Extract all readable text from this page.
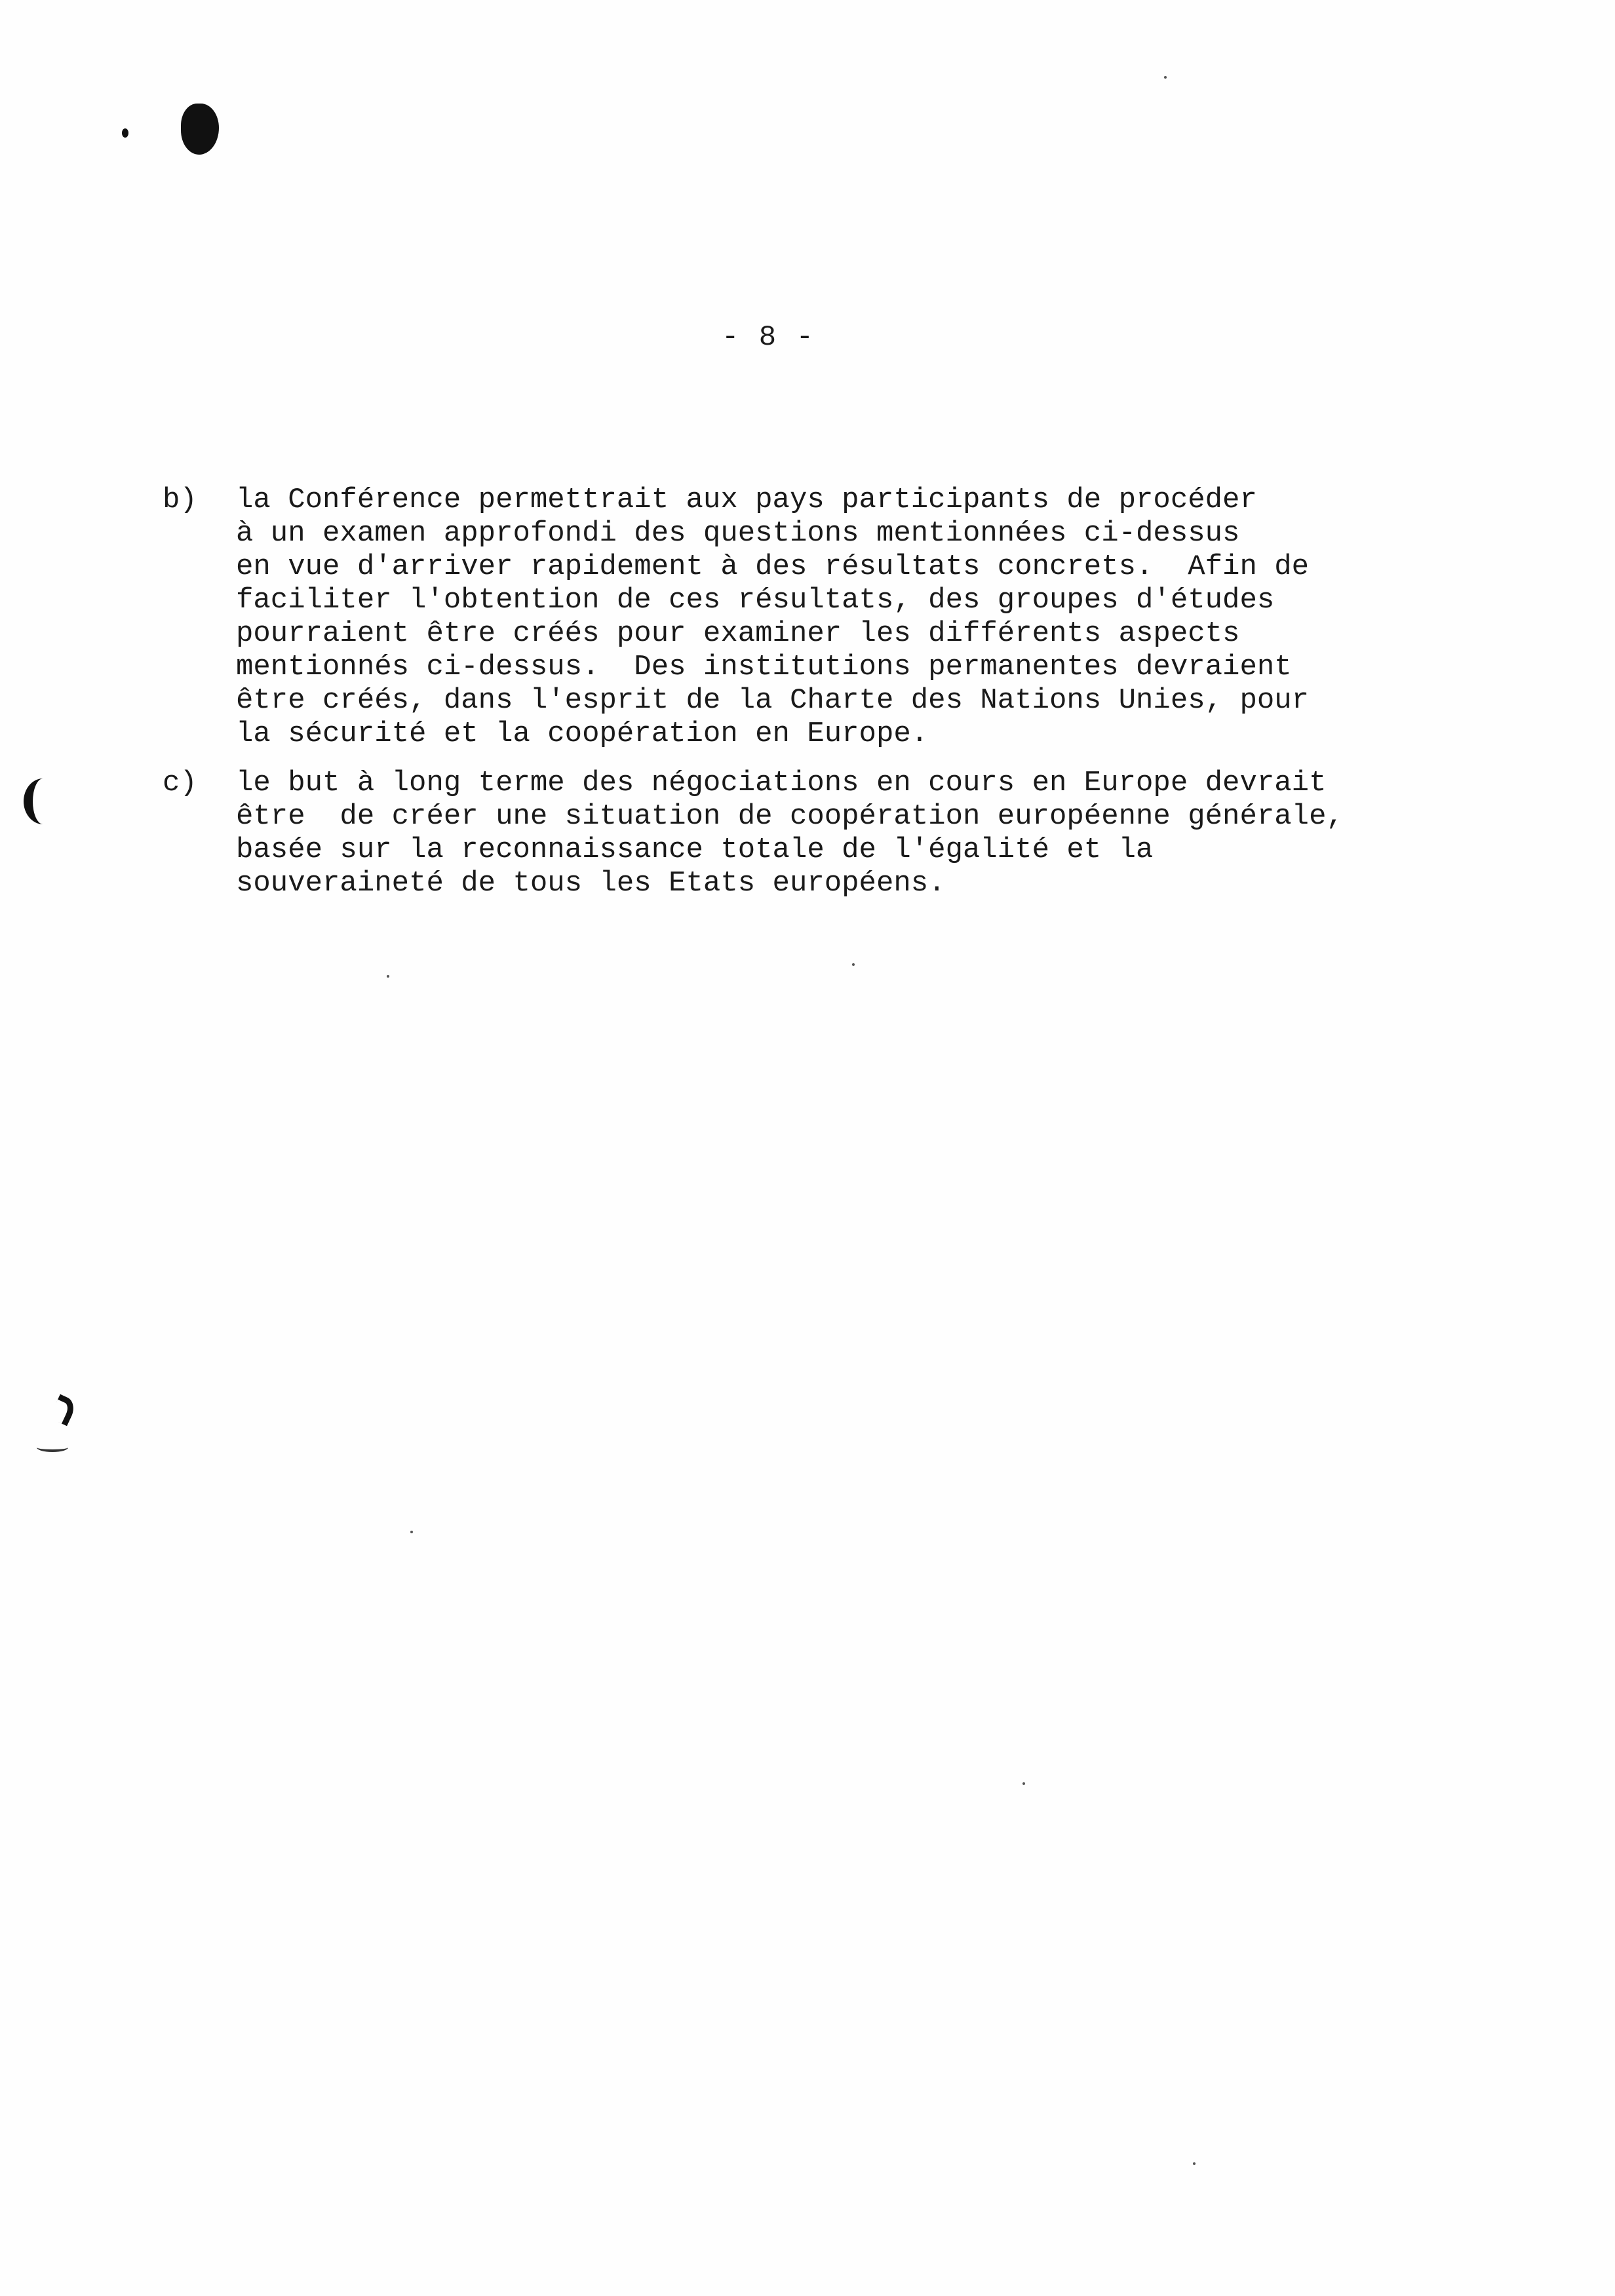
- 8 -
b) la Conférence permettrait aux pays participants de procéder
à un examen approfondi des questions mentionnées ci-dessus
en vue d'arriver rapidement à des résultats concrets.  Afin de
faciliter l'obtention de ces résultats, des groupes d'études
pourraient être créés pour examiner les différents aspects
mentionnés ci-dessus.  Des institutions permanentes devraient
être créés, dans l'esprit de la Charte des Nations Unies, pour
la sécurité et la coopération en Europe.
c) le but à long terme des négociations en cours en Europe devrait
être  de créer une situation de coopération européenne générale,
basée sur la reconnaissance totale de l'égalité et la
souveraineté de tous les Etats européens.
